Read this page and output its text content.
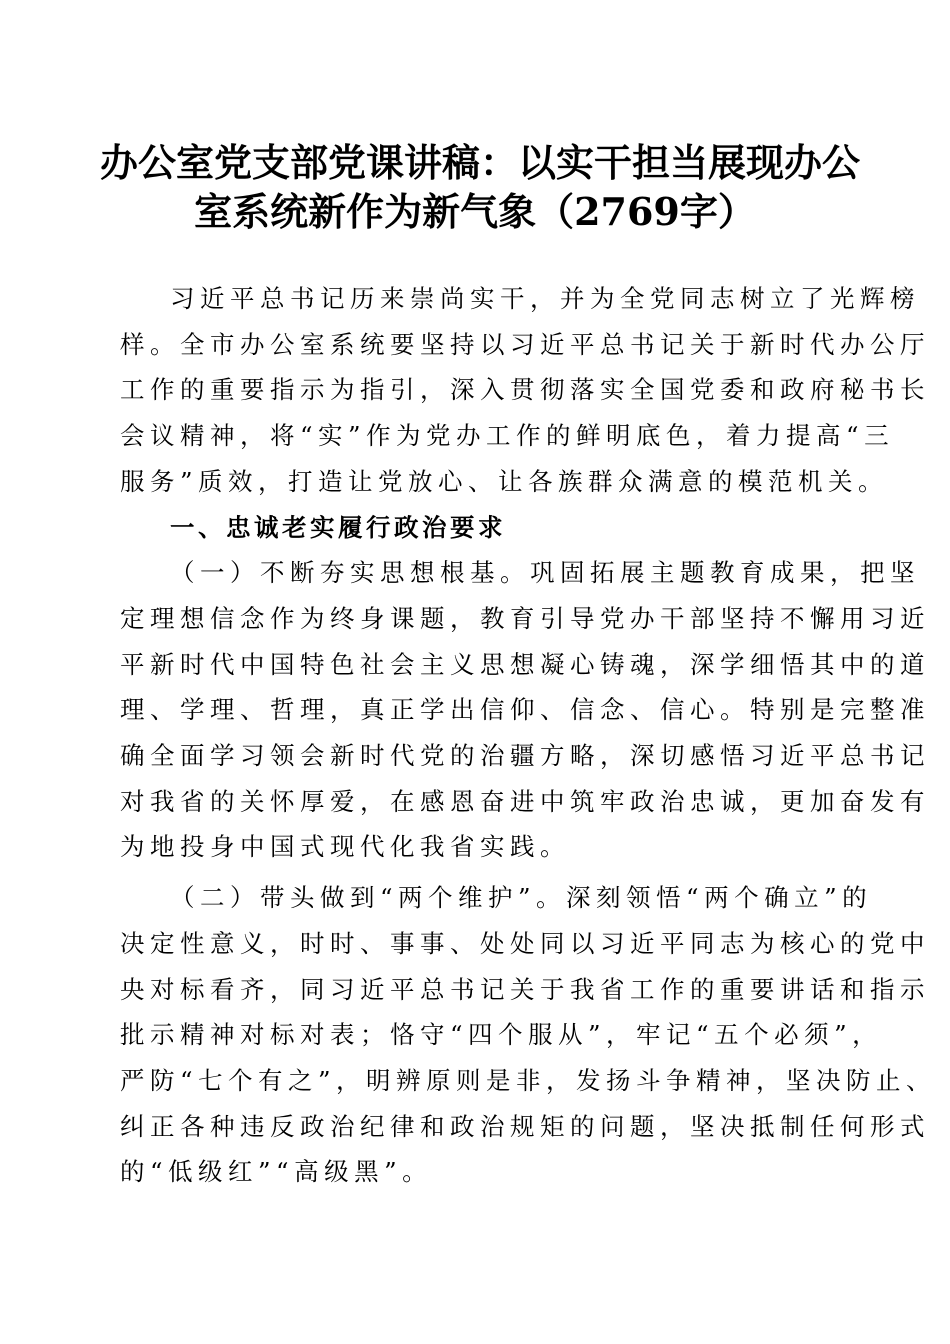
办公室党支部党课讲稿：以实干担当展现办公
室系统新作为新气象（2769字）
习近平总书记历来崇尚实干，并为全党同志树立了光辉榜
样。全市办公室系统要坚持以习近平总书记关于新时代办公厅
工作的重要指示为指引，深入贯彻落实全国党委和政府秘书长
会议精神，将“实”作为党办工作的鲜明底色，着力提高“三
服务”质效，打造让党放心、让各族群众满意的模范机关。
一、忠诚老实履行政治要求
（一）不断夯实思想根基。巩固拓展主题教育成果，把坚
定理想信念作为终身课题，教育引导党办干部坚持不懈用习近
平新时代中国特色社会主义思想凝心铸魂，深学细悟其中的道
理、学理、哲理，真正学出信仰、信念、信心。特别是完整准
确全面学习领会新时代党的治疆方略，深切感悟习近平总书记
对我省的关怀厚爱，在感恩奋进中筑牢政治忠诚，更加奋发有
为地投身中国式现代化我省实践。
（二）带头做到“两个维护”。深刻领悟“两个确立”的
决定性意义，时时、事事、处处同以习近平同志为核心的党中
央对标看齐，同习近平总书记关于我省工作的重要讲话和指示
批示精神对标对表；恪守“四个服从”，牢记“五个必须”，
严防“七个有之”，明辨原则是非，发扬斗争精神，坚决防止、
纠正各种违反政治纪律和政治规矩的问题，坚决抵制任何形式
的“低级红”“高级黑”。
